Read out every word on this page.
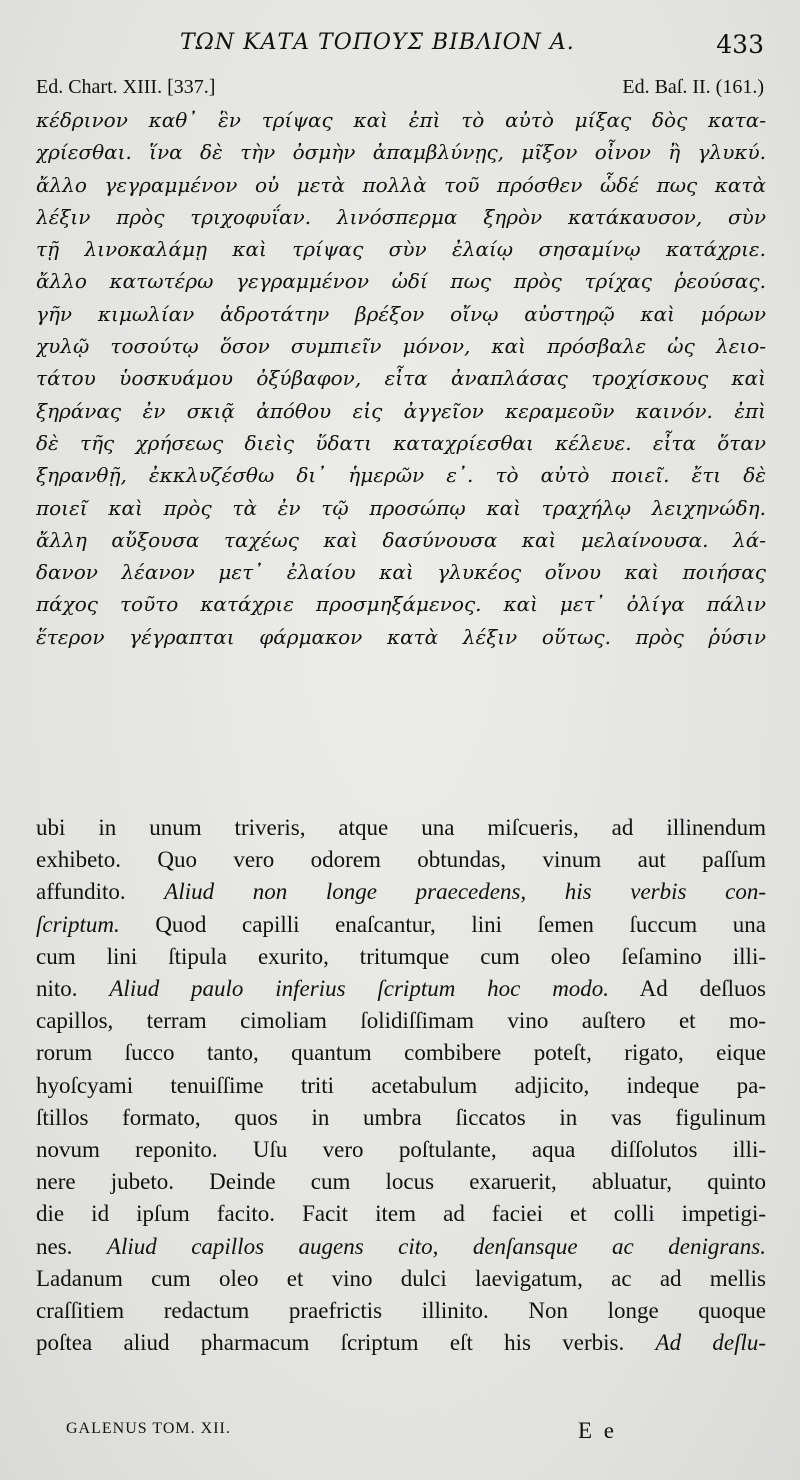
ΤΩΝ ΚΑΤΑ ΤΟΠΟΥΣ ΒΙΒΛΙΟΝ Α.	433
Ed. Chart. XIII. [337.]	Ed. Baſ. II. (161.)
κέδρινον καθ᾽ ἓν τρίψας καὶ ἐπὶ τὸ αὐτὸ μίξας δὸς κατα-
χρίεσθαι. ἵνα δὲ τὴν ὀσμὴν ἀπαμβλύνῃς, μῖξον οἶνον ἢ γλυκύ.
ἄλλο γεγραμμένον οὐ μετὰ πολλὰ τοῦ πρόσθεν ὧδέ πως κατὰ
λέξιν πρὸς τριχοφυΐαν. λινόσπερμα ξηρὸν κατάκαυσον, σὺν
τῇ λινοκαλάμῃ καὶ τρίψας σὺν ἐλαίῳ σησαμίνῳ κατάχριε.
ἄλλο κατωτέρω γεγραμμένον ὡδί πως πρὸς τρίχας ῥεούσας.
γῆν κιμωλίαν ἁδροτάτην βρέξον οἴνῳ αὐστηρῷ καὶ μόρων
χυλῷ τοσούτῳ ὅσον συμπιεῖν μόνον, καὶ πρόσβαλε ὡς λειο-
τάτου ὑοσκυάμου ὀξύβαφον, εἶτα ἀναπλάσας τροχίσκους καὶ
ξηράνας ἐν σκιᾷ ἀπόθου εἰς ἀγγεῖον κεραμεοῦν καινόν. ἐπὶ
δὲ τῆς χρήσεως διεὶς ὕδατι καταχρίεσθαι κέλευε. εἶτα ὅταν
ξηρανθῇ, ἐκκλυζέσθω δι᾽ ἡμερῶν ε᾽. τὸ αὐτὸ ποιεῖ. ἔτι δὲ
ποιεῖ καὶ πρὸς τὰ ἐν τῷ προσώπῳ καὶ τραχήλῳ λειχηνώδη.
ἄλλη αὔξουσα ταχέως καὶ δασύνουσα καὶ μελαίνουσα. λά-
δανον λέανον μετ᾽ ἐλαίου καὶ γλυκέος οἴνου καὶ ποιήσας
πάχος τοῦτο κατάχριε προσμηξάμενος. καὶ μετ᾽ ὀλίγα πάλιν
ἕτερον γέγραπται φάρμακον κατὰ λέξιν οὕτως. πρὸς ῥύσιν
ubi in unum triveris, atque una miſcueris, ad illinendum
exhibeto. Quo vero odorem obtundas, vinum aut paſſum
affundito. Aliud non longe praecedens, his verbis con-
ſcriptum. Quod capilli enaſcantur, lini ſemen ſuccum una
cum lini ſtipula exurito, tritumque cum oleo ſeſamino illi-
nito. Aliud paulo inferius ſcriptum hoc modo. Ad deſluos
capillos, terram cimoliam ſolidiſſimam vino auſtero et mo-
rorum ſucco tanto, quantum combibere poteſt, rigato, eique
hyoſcyami tenuiſſime triti acetabulum adjicito, indeque pa-
ſtillos formato, quos in umbra ſiccatos in vas figulinum
novum reponito. Uſu vero poſtulante, aqua diſſolutos illi-
nere jubeto. Deinde cum locus exaruerit, abluatur, quinto
die id ipſum facito. Facit item ad faciei et colli impetigi-
nes. Aliud capillos augens cito, denſansque ac denigrans.
Ladanum cum oleo et vino dulci laevigatum, ac ad mellis
craſſitiem redactum praefrictis illinito. Non longe quoque
poſtea aliud pharmacum ſcriptum eſt his verbis. Ad deſlu-
GALENUS TOM. XII.	E e
